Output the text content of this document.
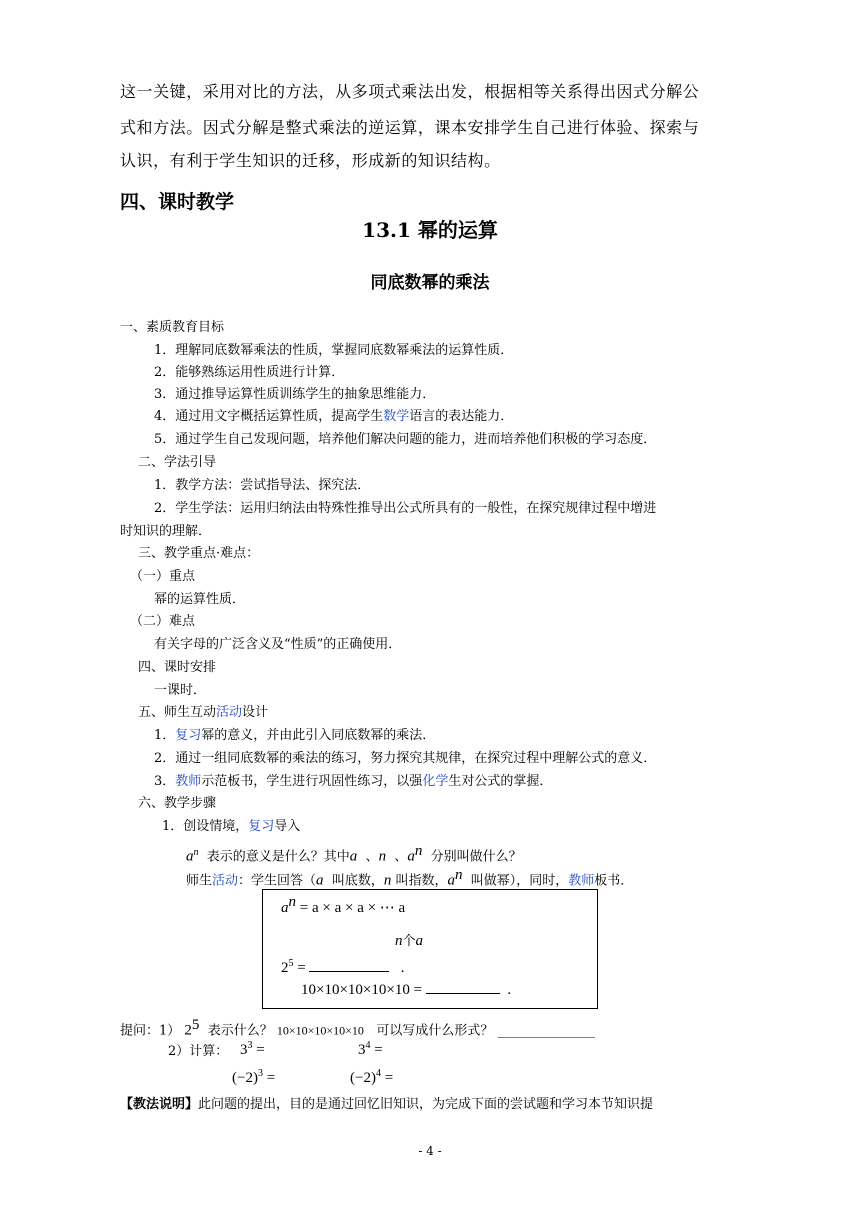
这一关键，采用对比的方法，从多项式乘法出发，根据相等关系得出因式分解公
式和方法。因式分解是整式乘法的逆运算，课本安排学生自己进行体验、探索与
认识，有利于学生知识的迁移，形成新的知识结构。
四、课时教学
13.1 幂的运算
同底数幂的乘法
一、素质教育目标
1．理解同底数幂乘法的性质，掌握同底数幂乘法的运算性质．
2．能够熟练运用性质进行计算．
3．通过推导运算性质训练学生的抽象思维能力．
4．通过用文字概括运算性质，提高学生数学语言的表达能力．
5．通过学生自己发现问题，培养他们解决问题的能力，进而培养他们积极的学习态度．
二、学法引导
1．教学方法：尝试指导法、探究法．
2．学生学法：运用归纳法由特殊性推导出公式所具有的一般性，在探究规律过程中增进
时知识的理解．
三、教学重点·难点：
（一）重点
幂的运算性质．
（二）难点
有关字母的广泛含义及“性质”的正确使用．
四、课时安排
一课时．
五、师生互动活动设计
1．复习幂的意义，并由此引入同底数幂的乘法．
2．通过一组同底数幂的乘法的练习，努力探究其规律，在探究过程中理解公式的意义．
3．教师示范板书，学生进行巩固性练习，以强化学生对公式的掌握．
六、教学步骤
1．创设情境，复习导入
$a^n$ 表示的意义是什么？其中a 、n 、$a^n$ 分别叫做什么？
师生活动：学生回答（a 叫底数，n 叫指数，$a^n$ 叫做幂），同时，教师板书．
$a^n = a \times a \times a$ × ⋯ a
n个a
$2^5$ =	.
10×10×10×10×10 =	.
提问：1） $2^5$ 表示什么？ 10×10×10×10×10 可以写成什么形式？ _______________
2）计算： $3^3$ =	$3^4$ =
$(-2)^3$ =	$(-2)^4$ =
【教法说明】此问题的提出，目的是通过回忆旧知识，为完成下面的尝试题和学习本节知识提
- 4 -
